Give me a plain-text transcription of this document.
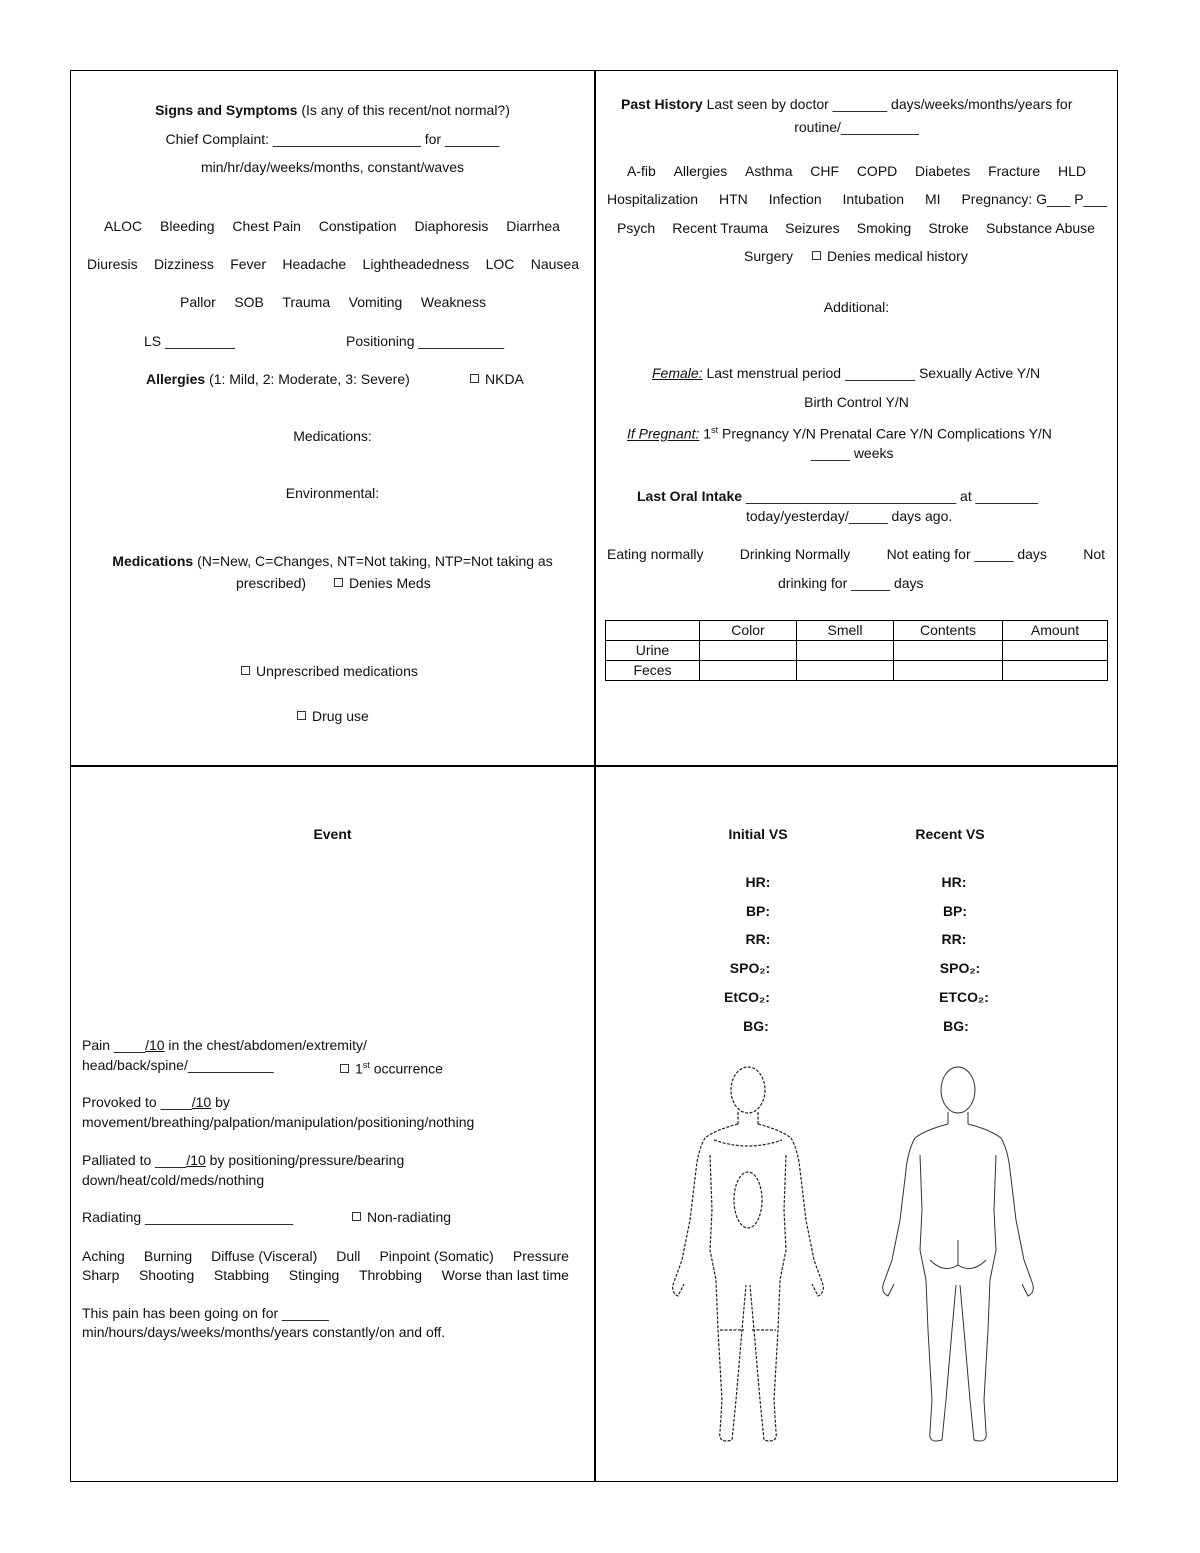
Signs and Symptoms (Is any of this recent/not normal?)
Chief Complaint: ___________________ for _______
min/hr/day/weeks/months, constant/waves
ALOC Bleeding Chest Pain Constipation Diaphoresis Diarrhea
Diuresis Dizziness Fever Headache Lightheadedness LOC Nausea
Pallor SOB Trauma Vomiting Weakness
LS _________	Positioning ___________
Allergies (1: Mild, 2: Moderate, 3: Severe)	NKDA
Medications:
Environmental:
Medications (N=New, C=Changes, NT=Not taking, NTP=Not taking as
prescribed)	Denies Meds
Unprescribed medications
Drug use
Past History Last seen by doctor _______ days/weeks/months/years for
routine/__________
A-fib Allergies Asthma CHF COPD Diabetes Fracture HLD
Hospitalization HTN Infection Intubation MI Pregnancy: G___ P___
Psych Recent Trauma Seizures Smoking Stroke Substance Abuse
Surgery	Denies medical history
Additional:
Female: Last menstrual period _________ Sexually Active Y/N
Birth Control Y/N
If Pregnant: 1st Pregnancy Y/N Prenatal Care Y/N Complications Y/N
_____ weeks
Last Oral Intake ___________________________ at ________
today/yesterday/_____ days ago.
Eating normally	Drinking Normally	Not eating for _____ days	Not
drinking for _____ days
	Color	Smell	Contents	Amount
Urine				
Feces				
Event
Pain ____/10 in the chest/abdomen/extremity/
head/back/spine/___________	1st occurrence
Provoked to ____/10 by
movement/breathing/palpation/manipulation/positioning/nothing
Palliated to ____/10 by positioning/pressure/bearing
down/heat/cold/meds/nothing
Radiating ___________________	Non-radiating
Aching Burning Diffuse (Visceral) Dull Pinpoint (Somatic) Pressure
Sharp Shooting Stabbing Stinging Throbbing Worse than last time
This pain has been going on for ______
min/hours/days/weeks/months/years constantly/on and off.
Initial VS	Recent VS
HR:
BP:
RR:
SPO₂:
EtCO₂:
BG:
HR:
BP:
RR:
SPO₂:
ETCO₂:
BG:
